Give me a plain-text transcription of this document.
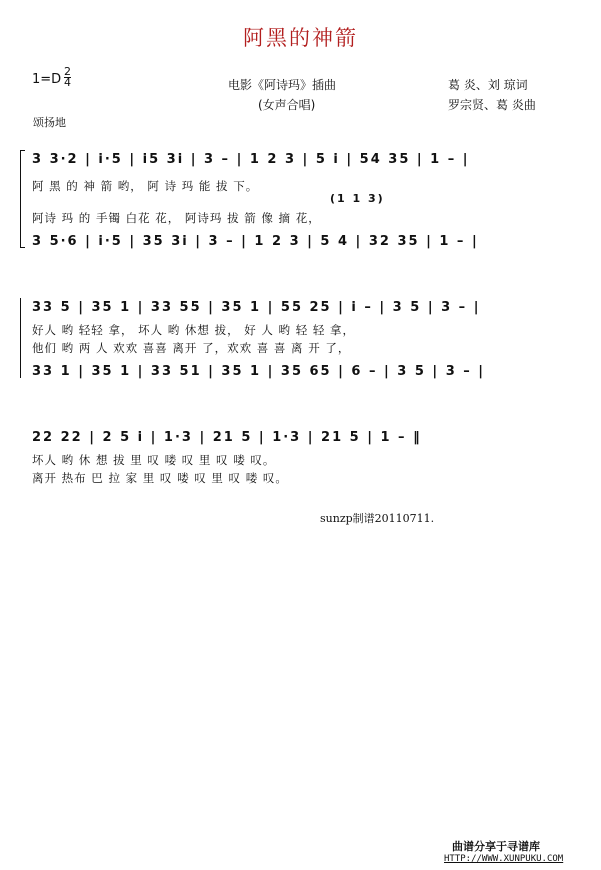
阿黑的神箭
1=D
2
4	电影《阿诗玛》插曲
(女声合唱)
葛 炎、刘 琼词
罗宗贤、葛 炎曲
颂扬地
3 3·2 | i·5 | i5 3i | 3 – | 1 2 3 | 5 i | 54 35 | 1 – |
阿 黑 的 神 箭 哟， 阿 诗 玛 能 拔 下。
(1 1 3)
阿诗 玛 的 手镯 白花 花， 阿诗玛 拔 箭 像 摘 花，
3 5·6 | i·5 | 35 3i | 3 – | 1 2 3 | 5 4 | 32 35 | 1 – |
33 5 | 35 1 | 33 55 | 35 1 | 55 25 | i – | 3 5 | 3 – |
好人 哟 轻轻 拿， 坏人 哟 休想 拔， 好 人 哟 轻 轻 拿，
他们 哟 两 人 欢欢 喜喜 离开 了，欢欢 喜 喜 离 开 了，
33 1 | 35 1 | 33 51 | 35 1 | 35 65 | 6 – | 3 5 | 3 – |
22 22 | 2 5 i | 1·3 | 21 5 | 1·3 | 21 5 | 1 – ‖
坏人 哟 休 想 拔 里 叹 喽 叹 里 叹 喽 叹。
离开 热布 巴 拉 家 里 叹 喽 叹 里 叹 喽 叹。
sunzp制谱20110711.
曲谱分享于寻谱库
HTTP://WWW.XUNPUKU.COM
